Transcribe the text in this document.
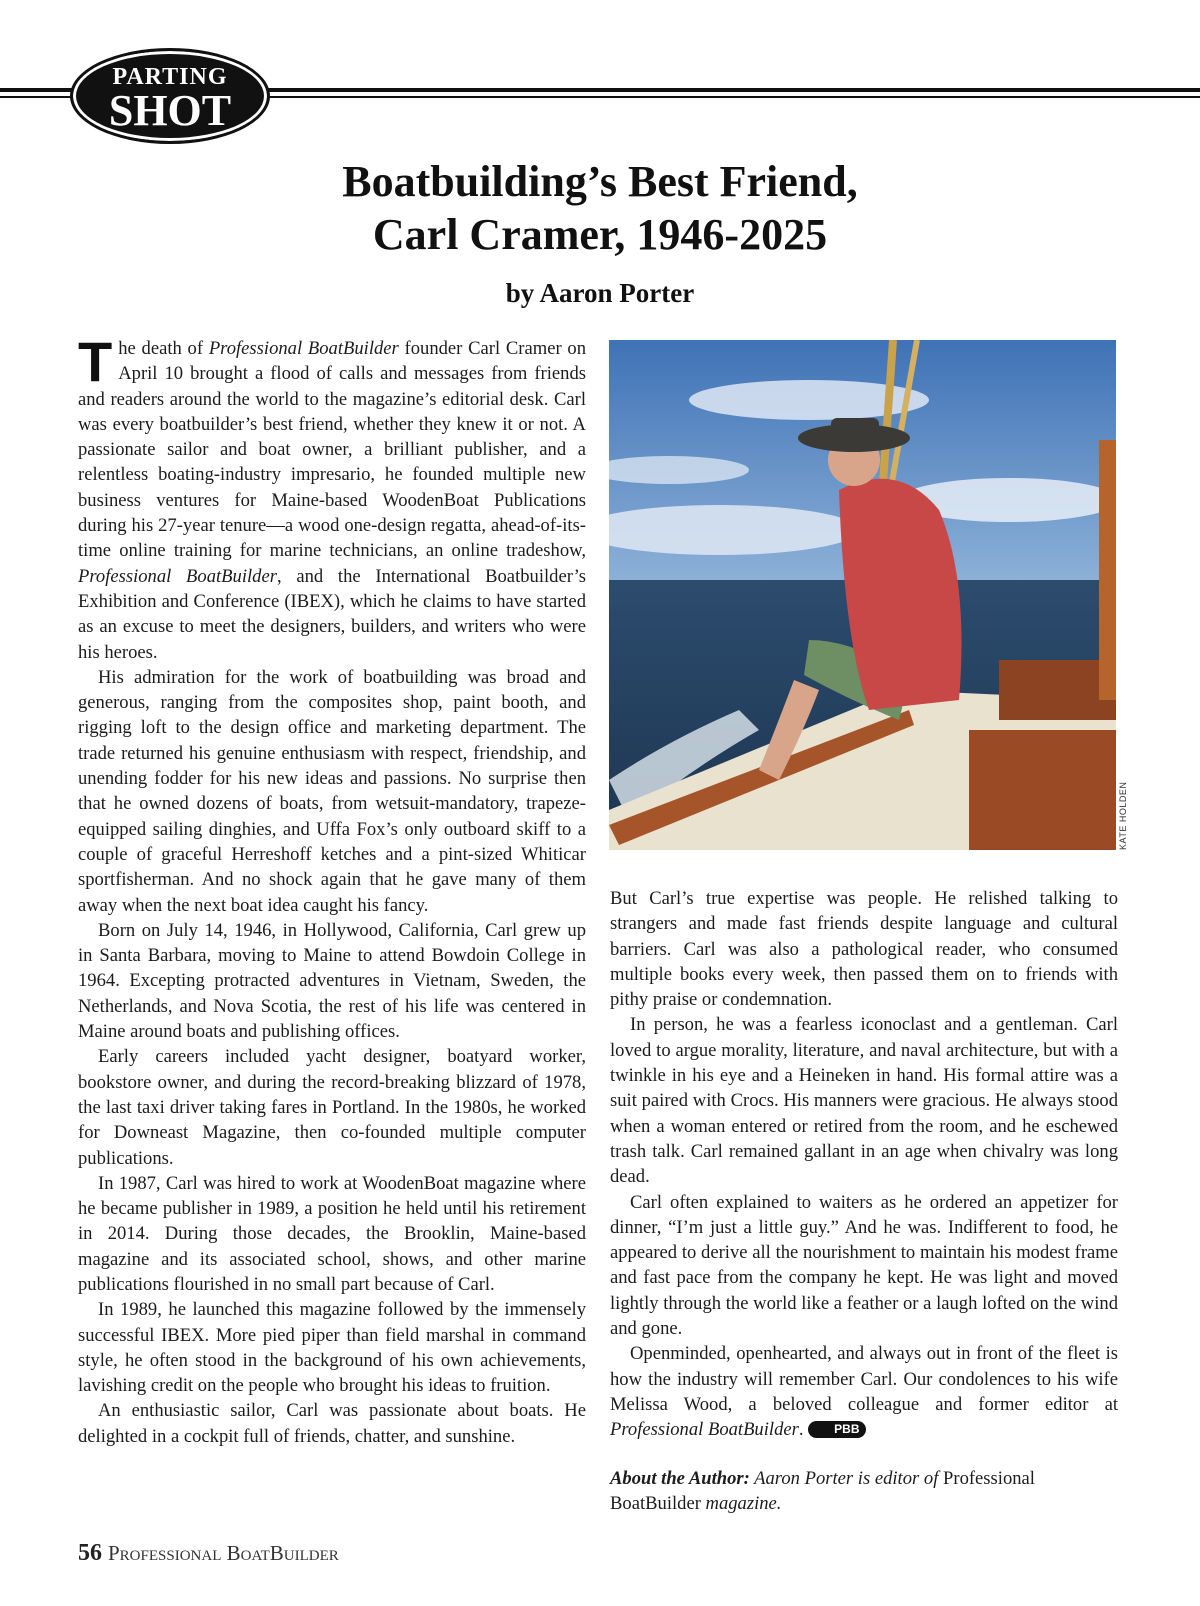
PARTING
SHOT
Boatbuilding’s Best Friend,
Carl Cramer, 1946-2025

by Aaron Porter

The death of Professional BoatBuilder founder Carl Cramer on April 10 brought a flood of calls and messages from friends and readers around the world to the magazine’s editorial desk. Carl was every boatbuilder’s best friend, whether they knew it or not. A passionate sailor and boat owner, a brilliant publisher, and a relentless boating-industry impresario, he founded multiple new business ventures for Maine-based WoodenBoat Publications during his 27-year tenure—a wood one-design regatta, ahead-of-its-time online training for marine technicians, an online tradeshow, Professional BoatBuilder, and the International Boatbuilder’s Exhibition and Conference (IBEX), which he claims to have started as an excuse to meet the designers, builders, and writers who were his heroes.

His admiration for the work of boatbuilding was broad and generous, ranging from the composites shop, paint booth, and rigging loft to the design office and marketing department. The trade returned his genuine enthusiasm with respect, friendship, and unending fodder for his new ideas and passions. No surprise then that he owned dozens of boats, from wetsuit-mandatory, trapeze-equipped sailing dinghies, and Uffa Fox’s only outboard skiff to a couple of graceful Herreshoff ketches and a pint-sized Whiticar sportfisherman. And no shock again that he gave many of them away when the next boat idea caught his fancy.

Born on July 14, 1946, in Hollywood, California, Carl grew up in Santa Barbara, moving to Maine to attend Bowdoin College in 1964. Excepting protracted adventures in Vietnam, Sweden, the Netherlands, and Nova Scotia, the rest of his life was centered in Maine around boats and publishing offices.

Early careers included yacht designer, boatyard worker, bookstore owner, and during the record-breaking blizzard of 1978, the last taxi driver taking fares in Portland. In the 1980s, he worked for Downeast Magazine, then co-founded multiple computer publications.

In 1987, Carl was hired to work at WoodenBoat magazine where he became publisher in 1989, a position he held until his retirement in 2014. During those decades, the Brooklin, Maine-based magazine and its associated school, shows, and other marine publications flourished in no small part because of Carl.

In 1989, he launched this magazine followed by the immensely successful IBEX. More pied piper than field marshal in command style, he often stood in the background of his own achievements, lavishing credit on the people who brought his ideas to fruition.

An enthusiastic sailor, Carl was passionate about boats. He delighted in a cockpit full of friends, chatter, and sunshine.

KATE HOLDEN

But Carl’s true expertise was people. He relished talking to strangers and made fast friends despite language and cultural barriers. Carl was also a pathological reader, who consumed multiple books every week, then passed them on to friends with pithy praise or condemnation.

In person, he was a fearless iconoclast and a gentleman. Carl loved to argue morality, literature, and naval architecture, but with a twinkle in his eye and a Heineken in hand. His formal attire was a suit paired with Crocs. His manners were gracious. He always stood when a woman entered or retired from the room, and he eschewed trash talk. Carl remained gallant in an age when chivalry was long dead.

Carl often explained to waiters as he ordered an appetizer for dinner, “I’m just a little guy.” And he was. Indifferent to food, he appeared to derive all the nourishment to maintain his modest frame and fast pace from the company he kept. He was light and moved lightly through the world like a feather or a laugh lofted on the wind and gone.

Openminded, openhearted, and always out in front of the fleet is how the industry will remember Carl. Our condolences to his wife Melissa Wood, a beloved colleague and former editor at Professional BoatBuilder.	PBB

About the Author: Aaron Porter is editor of Professional
BoatBuilder magazine.

56 Professional BoatBuilder
